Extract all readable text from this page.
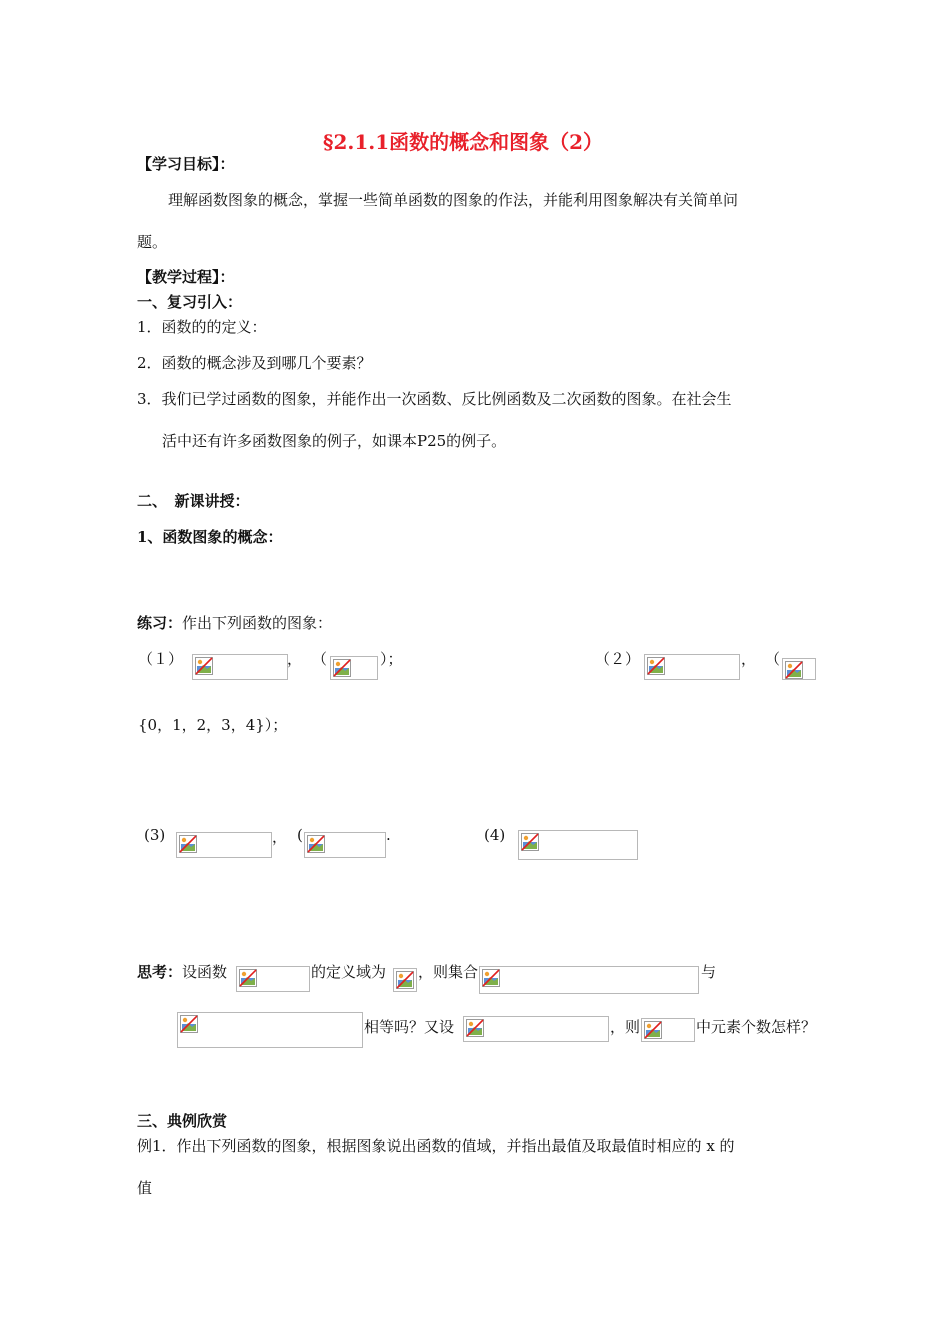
§2.1.1函数的概念和图象（2）
【学习目标】：
理解函数图象的概念，掌握一些简单函数的图象的作法，并能利用图象解决有关简单问
题。
【教学过程】：
一、复习引入：
1．函数的的定义：
2．函数的概念涉及到哪几个要素？
3．我们已学过函数的图象，并能作出一次函数、反比例函数及二次函数的图象。在社会生
活中还有许多函数图象的例子，如课本P25的例子。
二、　新课讲授：
1、函数图象的概念：
练习：作出下列函数的图象：
（１）	， （	）；	（２）	， （
{0，1，2，3，4}）；
(3)	， (	.	(4)
思考：设函数	的定义域为 ，则集合	与
相等吗？又设	，则	中元素个数怎样？
三、典例欣赏
例1．作出下列函数的图象，根据图象说出函数的值域，并指出最值及取最值时相应的 x 的
值
